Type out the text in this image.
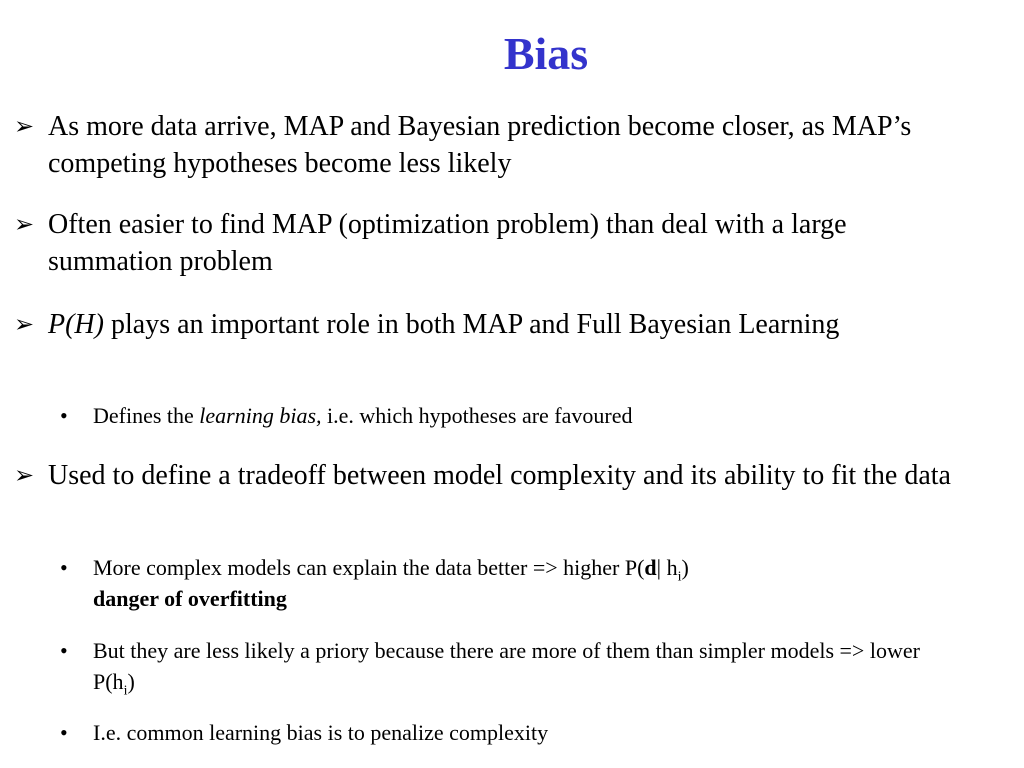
Bias
➢ As more data arrive, MAP and Bayesian prediction become closer, as MAP’s competing hypotheses become less likely
➢ Often easier to find MAP (optimization problem) than deal with a large summation problem
➢ P(H) plays an important role in both MAP and Full Bayesian Learning
• Defines the learning bias, i.e. which hypotheses are favoured
➢ Used to define a tradeoff between model complexity and its ability to fit the data
• More complex models can explain the data better => higher P(d| $h_i$)
danger of overfitting
• But they are less likely a priory because there are more of them than simpler models => lower $P(h_i)$
• I.e. common learning bias is to penalize complexity
